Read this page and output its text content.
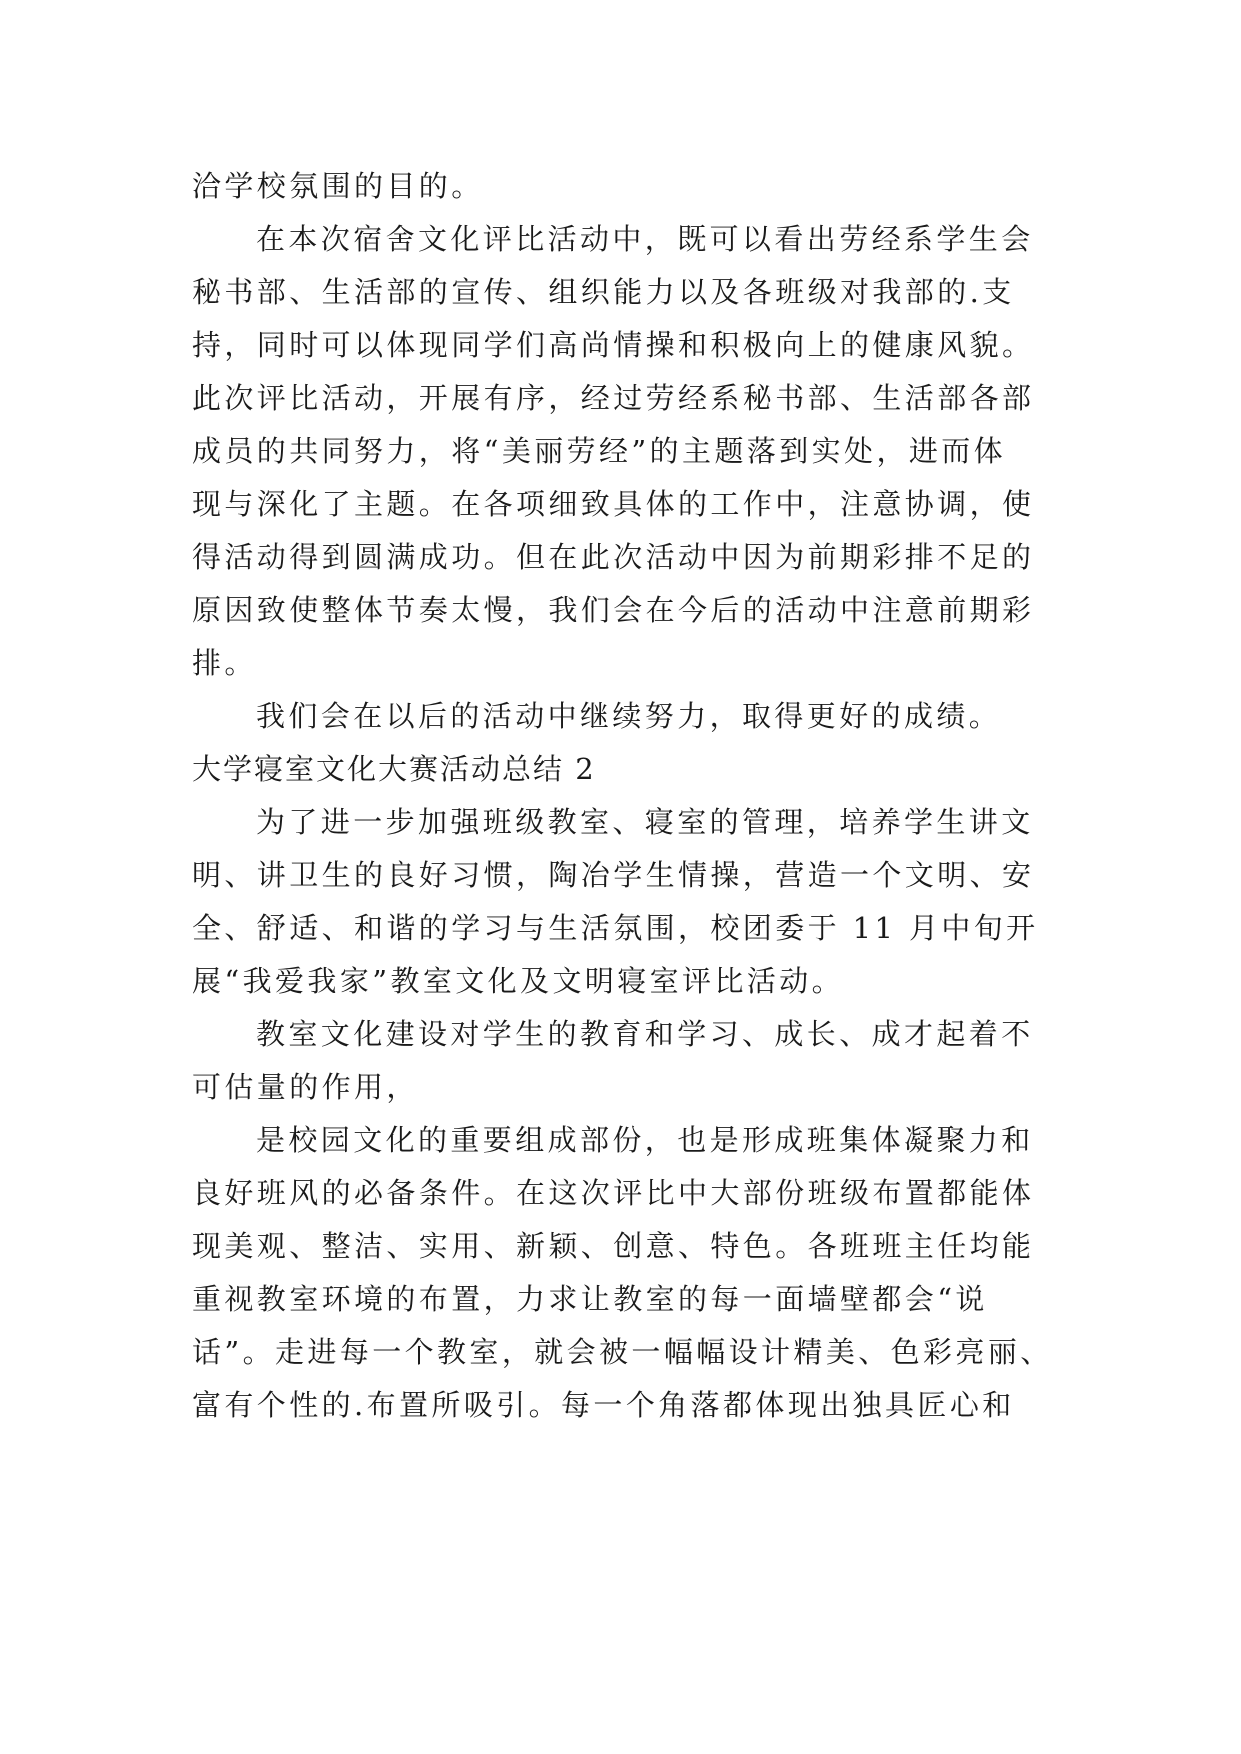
洽学校氛围的目的。
在本次宿舍文化评比活动中，既可以看出劳经系学生会
秘书部、生活部的宣传、组织能力以及各班级对我部的.支
持，同时可以体现同学们高尚情操和积极向上的健康风貌。
此次评比活动，开展有序，经过劳经系秘书部、生活部各部
成员的共同努力，将“美丽劳经”的主题落到实处，进而体
现与深化了主题。在各项细致具体的工作中，注意协调，使
得活动得到圆满成功。但在此次活动中因为前期彩排不足的
原因致使整体节奏太慢，我们会在今后的活动中注意前期彩
排。
我们会在以后的活动中继续努力，取得更好的成绩。
大学寝室文化大赛活动总结 2
为了进一步加强班级教室、寝室的管理，培养学生讲文
明、讲卫生的良好习惯，陶冶学生情操，营造一个文明、安
全、舒适、和谐的学习与生活氛围，校团委于 11 月中旬开
展“我爱我家”教室文化及文明寝室评比活动。
教室文化建设对学生的教育和学习、成长、成才起着不
可估量的作用，
是校园文化的重要组成部份，也是形成班集体凝聚力和
良好班风的必备条件。在这次评比中大部份班级布置都能体
现美观、整洁、实用、新颖、创意、特色。各班班主任均能
重视教室环境的布置，力求让教室的每一面墙壁都会“说
话”。走进每一个教室，就会被一幅幅设计精美、色彩亮丽、
富有个性的.布置所吸引。每一个角落都体现出独具匠心和
